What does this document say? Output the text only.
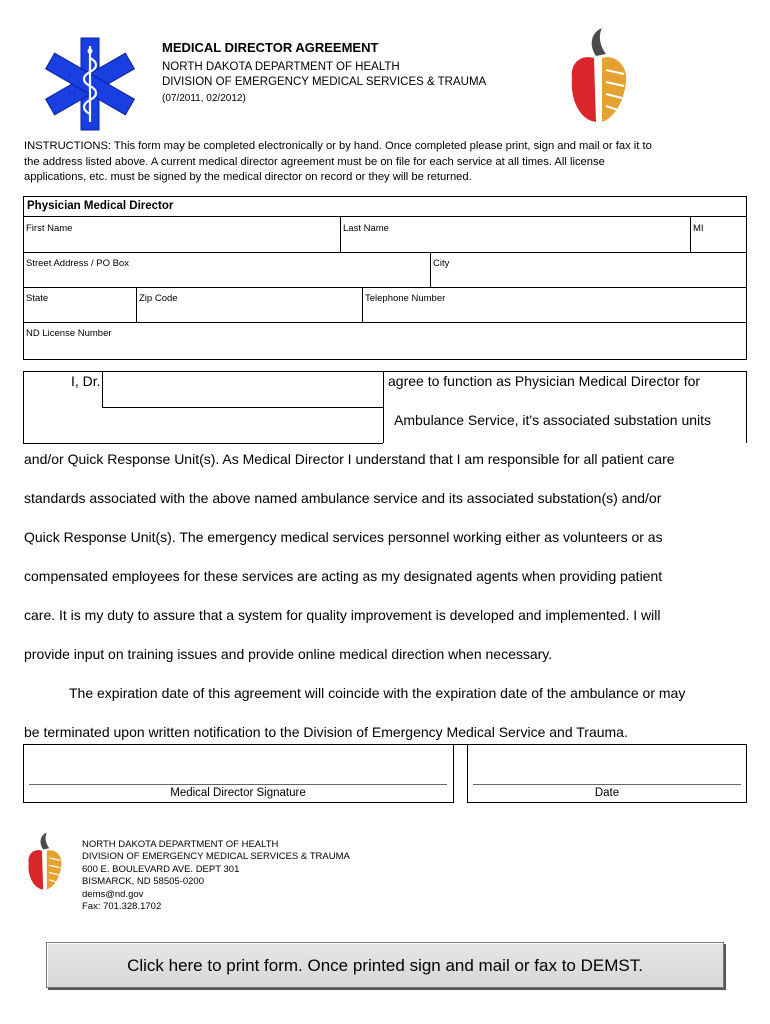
MEDICAL DIRECTOR AGREEMENT
NORTH DAKOTA DEPARTMENT OF HEALTH
DIVISION OF EMERGENCY MEDICAL SERVICES & TRAUMA
(07/2011, 02/2012)
INSTRUCTIONS: This form may be completed electronically or by hand. Once completed please print, sign and mail or fax it to
the address listed above. A current medical director agreement must be on file for each service at all times. All license
applications, etc. must be signed by the medical director on record or they will be returned.
Physician Medical Director
First Name	Last Name	MI
Street Address / PO Box	City
State	Zip Code	Telephone Number
ND License Number
I, Dr.	agree to function as Physician Medical Director for
Ambulance Service, it's associated substation units
and/or Quick Response Unit(s). As Medical Director I understand that I am responsible for all patient care
standards associated with the above named ambulance service and its associated substation(s) and/or
Quick Response Unit(s). The emergency medical services personnel working either as volunteers or as
compensated employees for these services are acting as my designated agents when providing patient
care. It is my duty to assure that a system for quality improvement is developed and implemented. I will
provide input on training issues and provide online medical direction when necessary.
The expiration date of this agreement will coincide with the expiration date of the ambulance or may
be terminated upon written notification to the Division of Emergency Medical Service and Trauma.
Medical Director Signature	Date
NORTH DAKOTA DEPARTMENT OF HEALTH
DIVISION OF EMERGENCY MEDICAL SERVICES & TRAUMA
600 E. BOULEVARD AVE. DEPT 301
BISMARCK, ND 58505-0200
dems@nd.gov
Fax: 701.328.1702
Click here to print form. Once printed sign and mail or fax to DEMST.
